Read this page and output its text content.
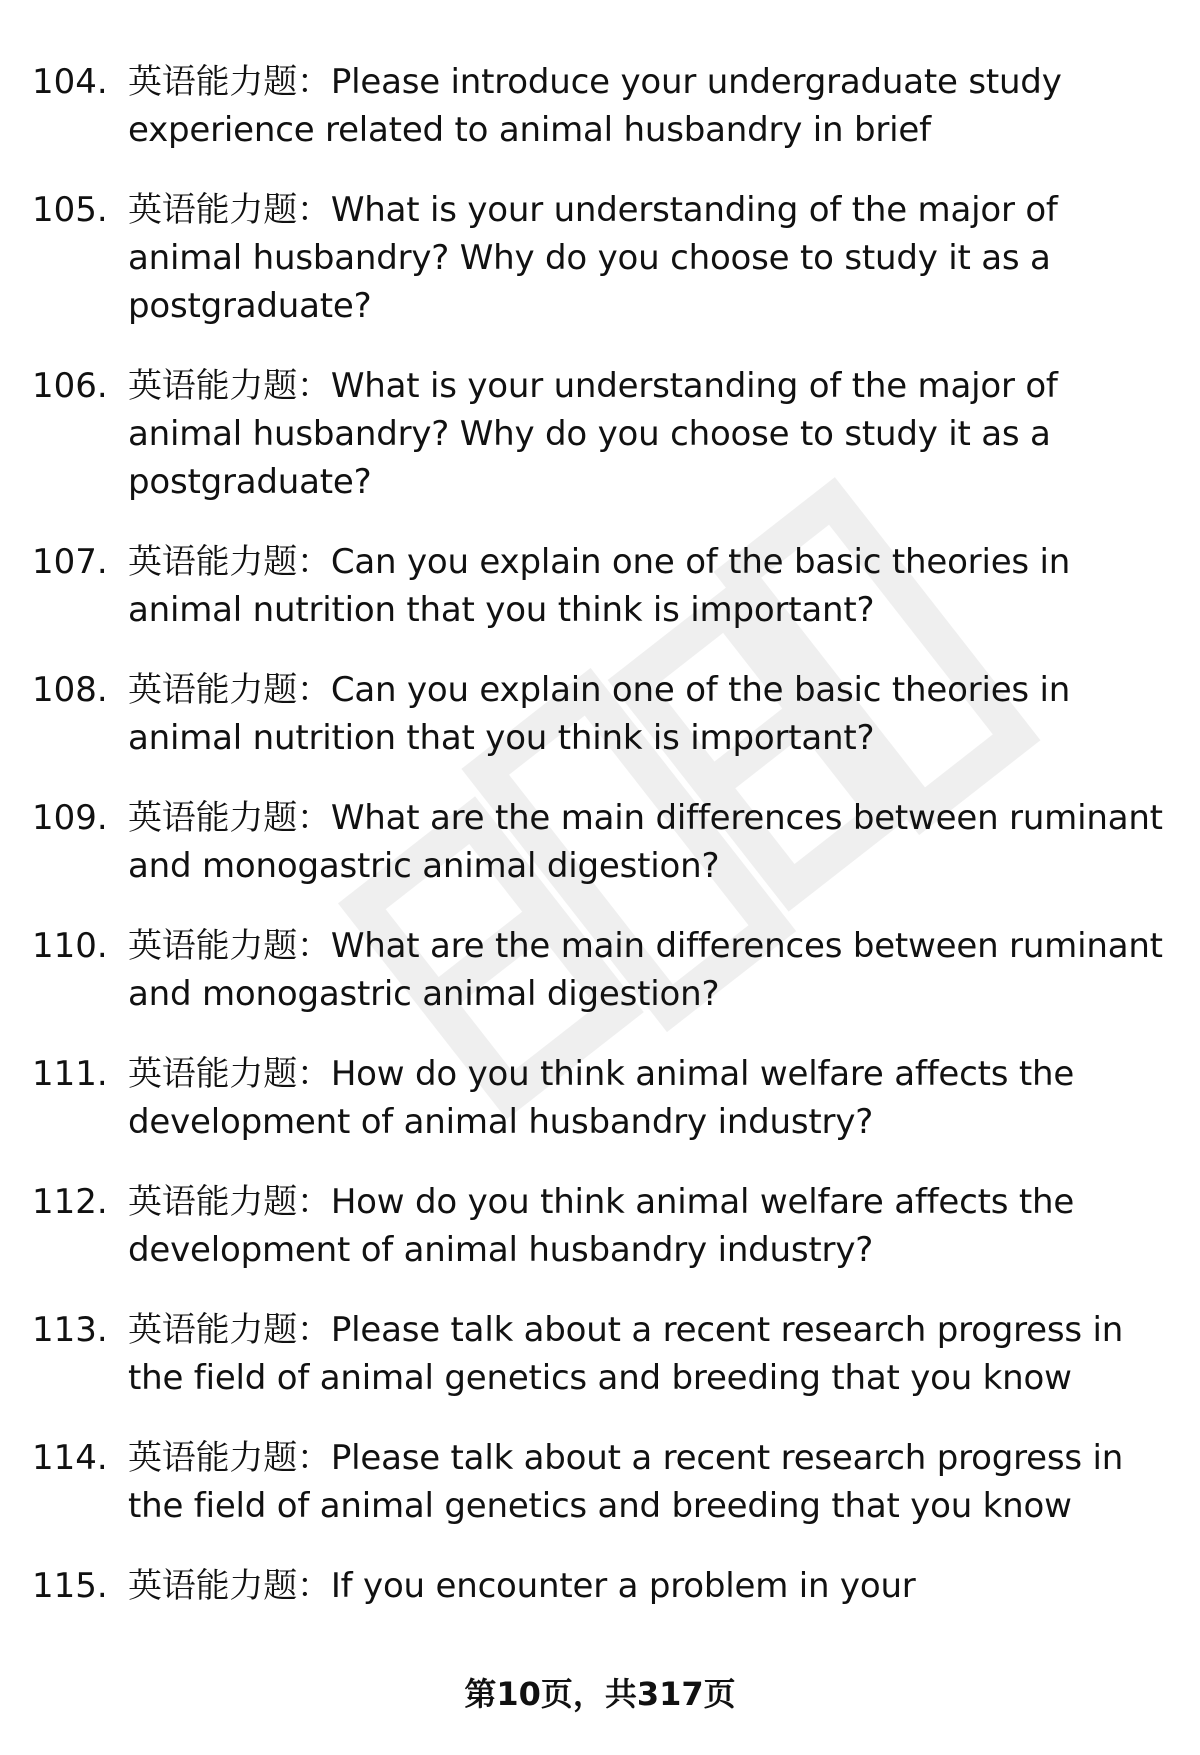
104. 英语能力题：Please introduce your undergraduate study experience related to animal husbandry in brief
105. 英语能力题：What is your understanding of the major of animal husbandry? Why do you choose to study it as a postgraduate?
106. 英语能力题：What is your understanding of the major of animal husbandry? Why do you choose to study it as a postgraduate?
107. 英语能力题：Can you explain one of the basic theories in animal nutrition that you think is important?
108. 英语能力题：Can you explain one of the basic theories in animal nutrition that you think is important?
109. 英语能力题：What are the main differences between ruminant and monogastric animal digestion?
110. 英语能力题：What are the main differences between ruminant and monogastric animal digestion?
111. 英语能力题：How do you think animal welfare affects the development of animal husbandry industry?
112. 英语能力题：How do you think animal welfare affects the development of animal husbandry industry?
113. 英语能力题：Please talk about a recent research progress in the field of animal genetics and breeding that you know
114. 英语能力题：Please talk about a recent research progress in the field of animal genetics and breeding that you know
115. 英语能力题：If you encounter a problem in your
第10页，共317页
